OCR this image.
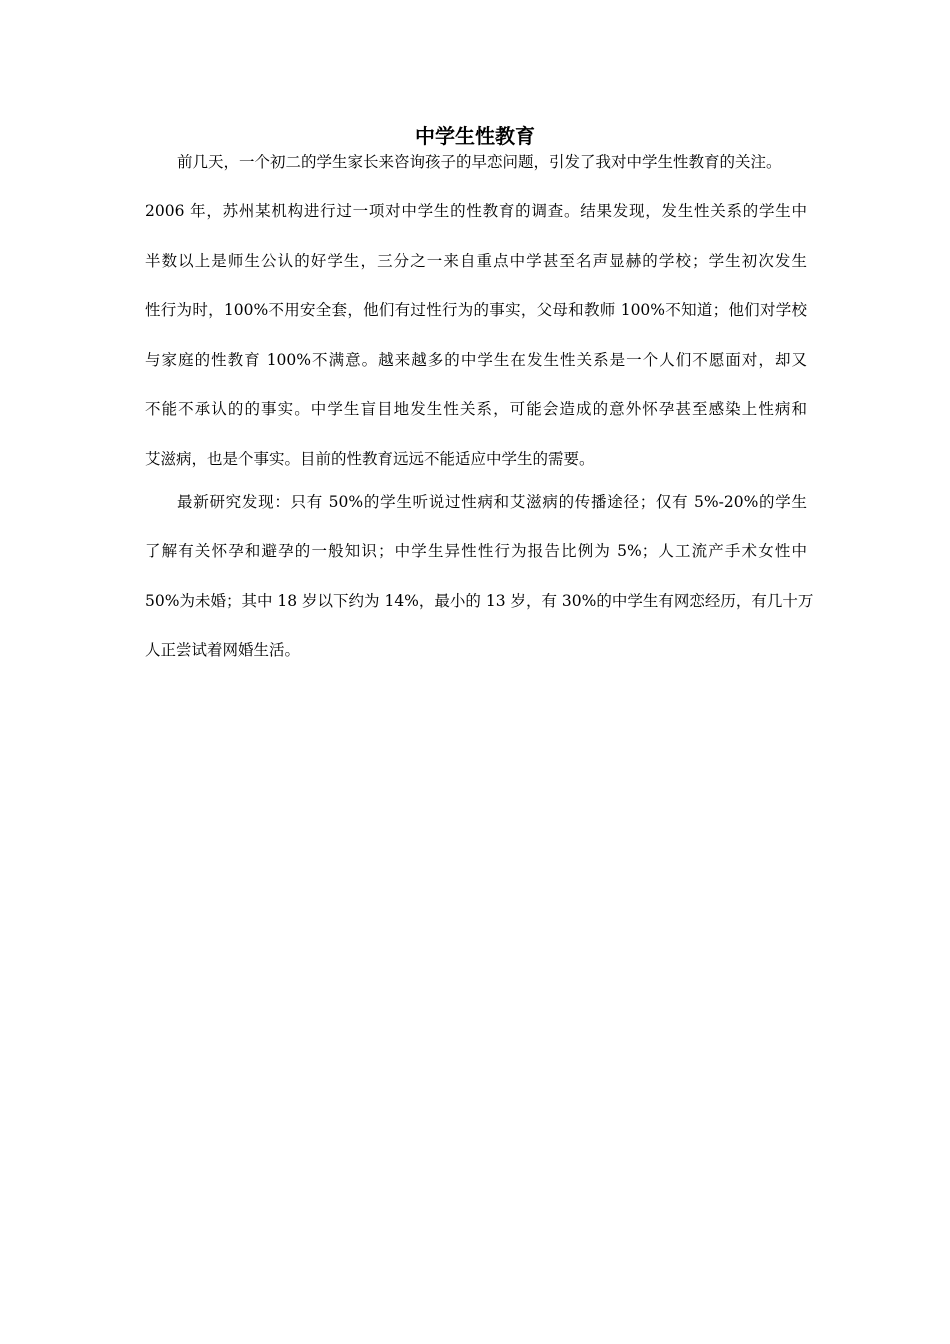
中学生性教育

前几天，一个初二的学生家长来咨询孩子的早恋问题，引发了我对中学生性教育的关注。

2006 年，苏州某机构进行过一项对中学生的性教育的调查。结果发现，发生性关系的学生中

半数以上是师生公认的好学生，三分之一来自重点中学甚至名声显赫的学校；学生初次发生

性行为时，100%不用安全套，他们有过性行为的事实，父母和教师 100%不知道；他们对学校

与家庭的性教育 100%不满意。越来越多的中学生在发生性关系是一个人们不愿面对，却又

不能不承认的的事实。中学生盲目地发生性关系，可能会造成的意外怀孕甚至感染上性病和

艾滋病，也是个事实。目前的性教育远远不能适应中学生的需要。

最新研究发现：只有 50%的学生听说过性病和艾滋病的传播途径；仅有 5%-20%的学生

了解有关怀孕和避孕的一般知识；中学生异性性行为报告比例为 5%；人工流产手术女性中

50%为未婚；其中 18 岁以下约为 14%，最小的 13 岁，有 30%的中学生有网恋经历，有几十万

人正尝试着网婚生活。
